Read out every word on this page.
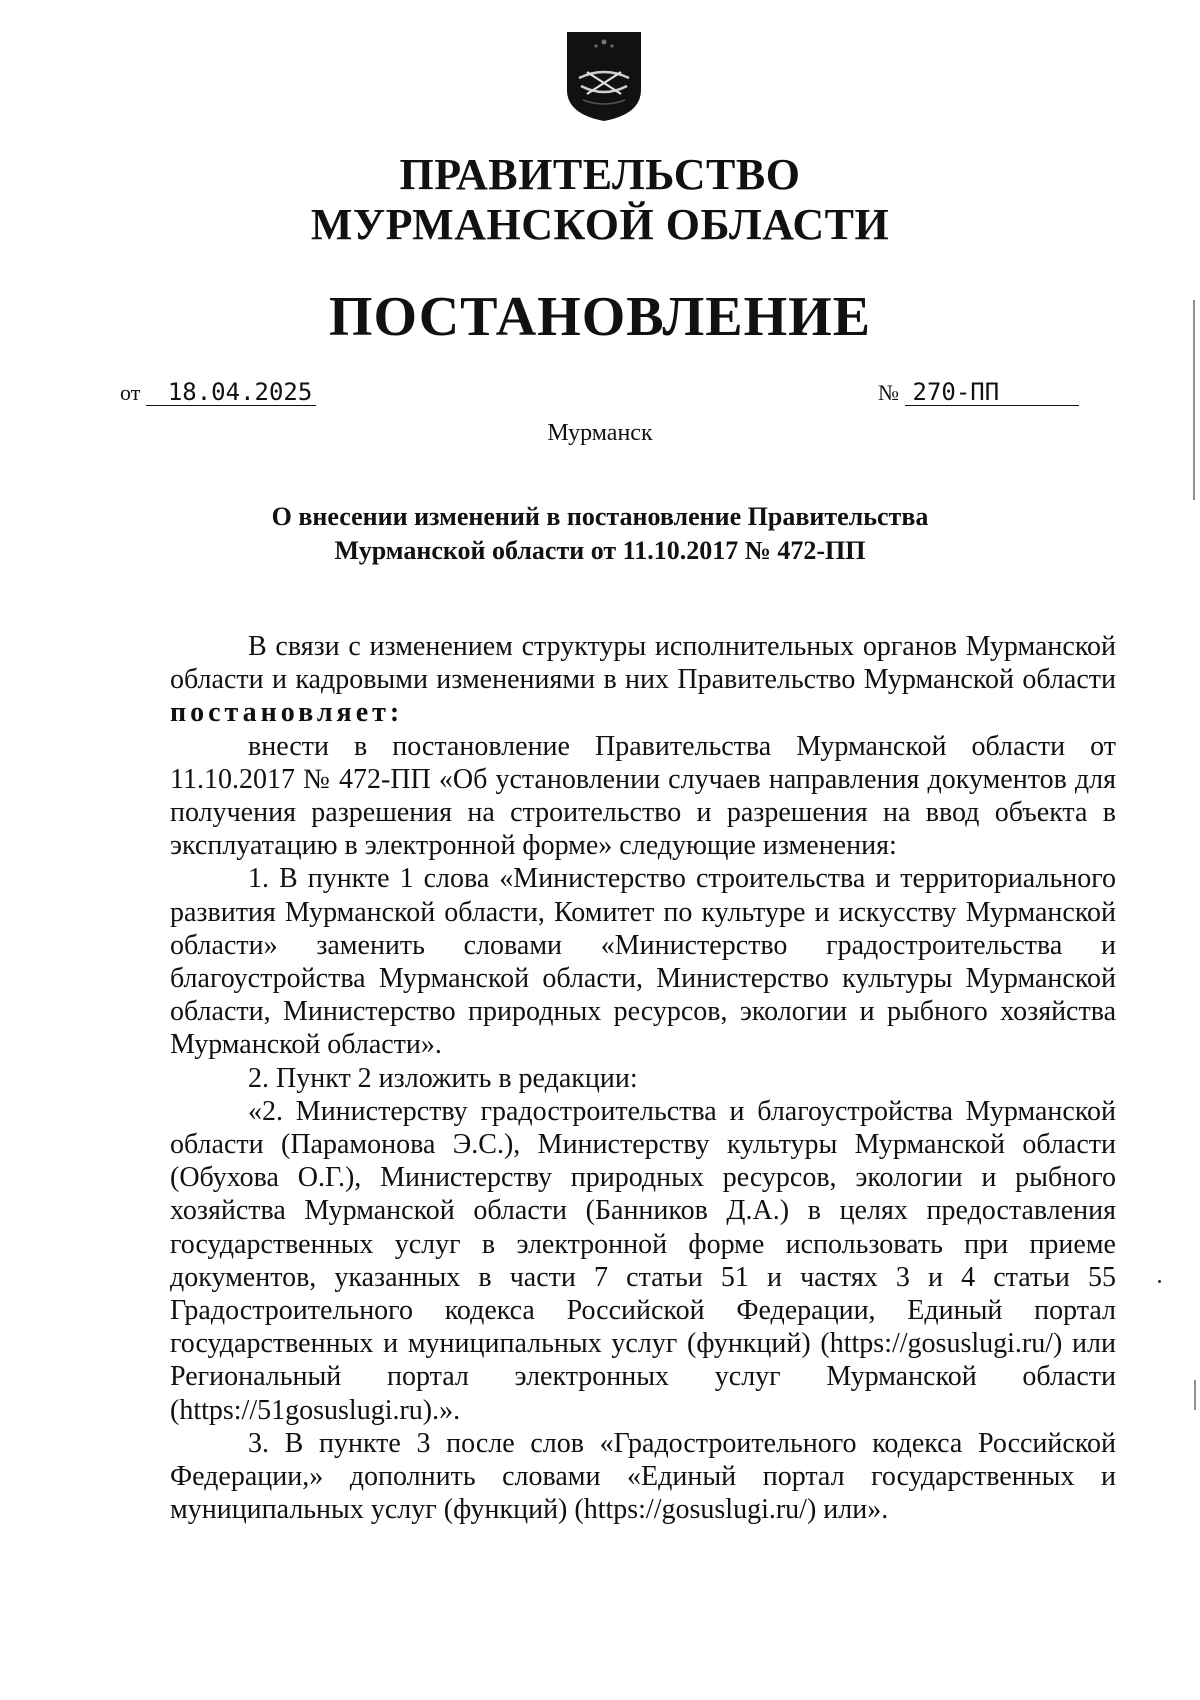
ПРАВИТЕЛЬСТВО
МУРМАНСКОЙ ОБЛАСТИ
ПОСТАНОВЛЕНИЕ
от 18.04.2025	№ 270-ПП
Мурманск
О внесении изменений в постановление Правительства
Мурманской области от 11.10.2017 № 472-ПП

В связи с изменением структуры исполнительных органов Мурманской области и кадровыми изменениями в них Правительство Мурманской области постановляет:

внести в постановление Правительства Мурманской области от 11.10.2017 № 472-ПП «Об установлении случаев направления документов для получения разрешения на строительство и разрешения на ввод объекта в эксплуатацию в электронной форме» следующие изменения:

1. В пункте 1 слова «Министерство строительства и территориального развития Мурманской области, Комитет по культуре и искусству Мурманской области» заменить словами «Министерство градостроительства и благоустройства Мурманской области, Министерство культуры Мурманской области, Министерство природных ресурсов, экологии и рыбного хозяйства Мурманской области».

2. Пункт 2 изложить в редакции:

«2. Министерству градостроительства и благоустройства Мурманской области (Парамонова Э.С.), Министерству культуры Мурманской области (Обухова О.Г.), Министерству природных ресурсов, экологии и рыбного хозяйства Мурманской области (Банников Д.А.) в целях предоставления государственных услуг в электронной форме использовать при приеме документов, указанных в части 7 статьи 51 и частях 3 и 4 статьи 55 Градостроительного кодекса Российской Федерации, Единый портал государственных и муниципальных услуг (функций) (https://gosuslugi.ru/) или Региональный портал электронных услуг Мурманской области (https://51gosuslugi.ru).».

3. В пункте 3 после слов «Градостроительного кодекса Российской Федерации,» дополнить словами «Единый портал государственных и муниципальных услуг (функций) (https://gosuslugi.ru/) или».
